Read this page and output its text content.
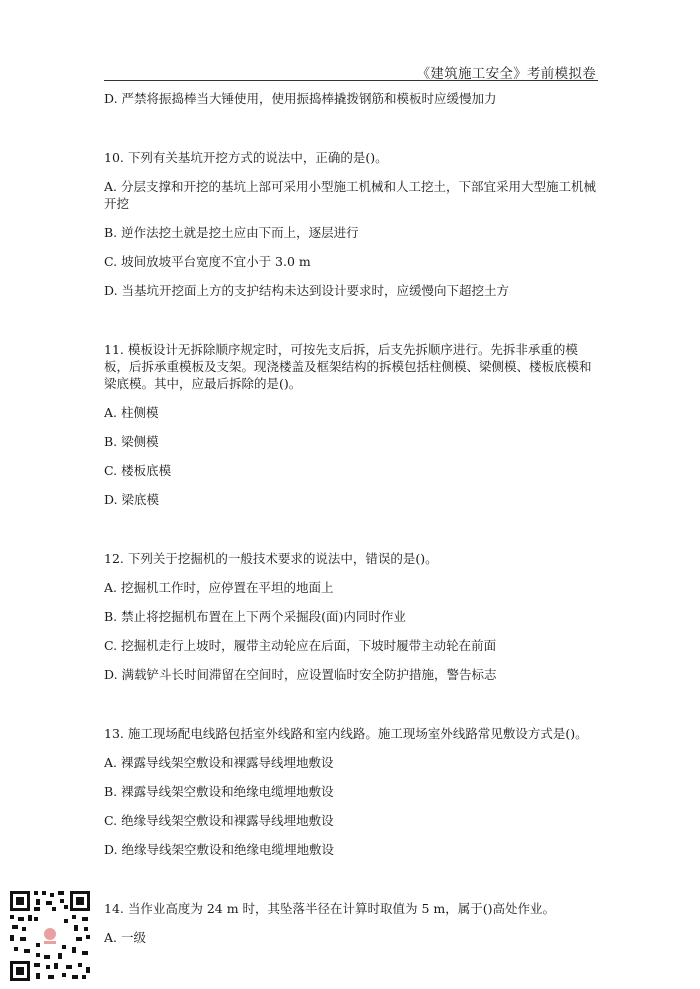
《建筑施工安全》考前模拟卷

D. 严禁将振捣棒当大锤使用，使用振捣棒撬拨钢筋和模板时应缓慢加力

10. 下列有关基坑开挖方式的说法中，正确的是()。

A. 分层支撑和开挖的基坑上部可采用小型施工机械和人工挖土，下部宜采用大型施工机械开挖

B. 逆作法挖土就是挖土应由下而上，逐层进行

C. 坡间放坡平台宽度不宜小于 3.0 m

D. 当基坑开挖面上方的支护结构未达到设计要求时，应缓慢向下超挖土方

11. 模板设计无拆除顺序规定时，可按先支后拆，后支先拆顺序进行。先拆非承重的模板，后拆承重模板及支架。现浇楼盖及框架结构的拆模包括柱侧模、梁侧模、楼板底模和梁底模。其中，应最后拆除的是()。

A. 柱侧模

B. 梁侧模

C. 楼板底模

D. 梁底模

12. 下列关于挖掘机的一般技术要求的说法中，错误的是()。

A. 挖掘机工作时，应停置在平坦的地面上

B. 禁止将挖掘机布置在上下两个采掘段(面)内同时作业

C. 挖掘机走行上坡时，履带主动轮应在后面，下坡时履带主动轮在前面

D. 满载铲斗长时间滞留在空间时，应设置临时安全防护措施，警告标志

13. 施工现场配电线路包括室外线路和室内线路。施工现场室外线路常见敷设方式是()。

A. 裸露导线架空敷设和裸露导线埋地敷设

B. 裸露导线架空敷设和绝缘电缆埋地敷设

C. 绝缘导线架空敷设和裸露导线埋地敷设

D. 绝缘导线架空敷设和绝缘电缆埋地敷设

14. 当作业高度为 24 m 时，其坠落半径在计算时取值为 5 m，属于()高处作业。

A. 一级
